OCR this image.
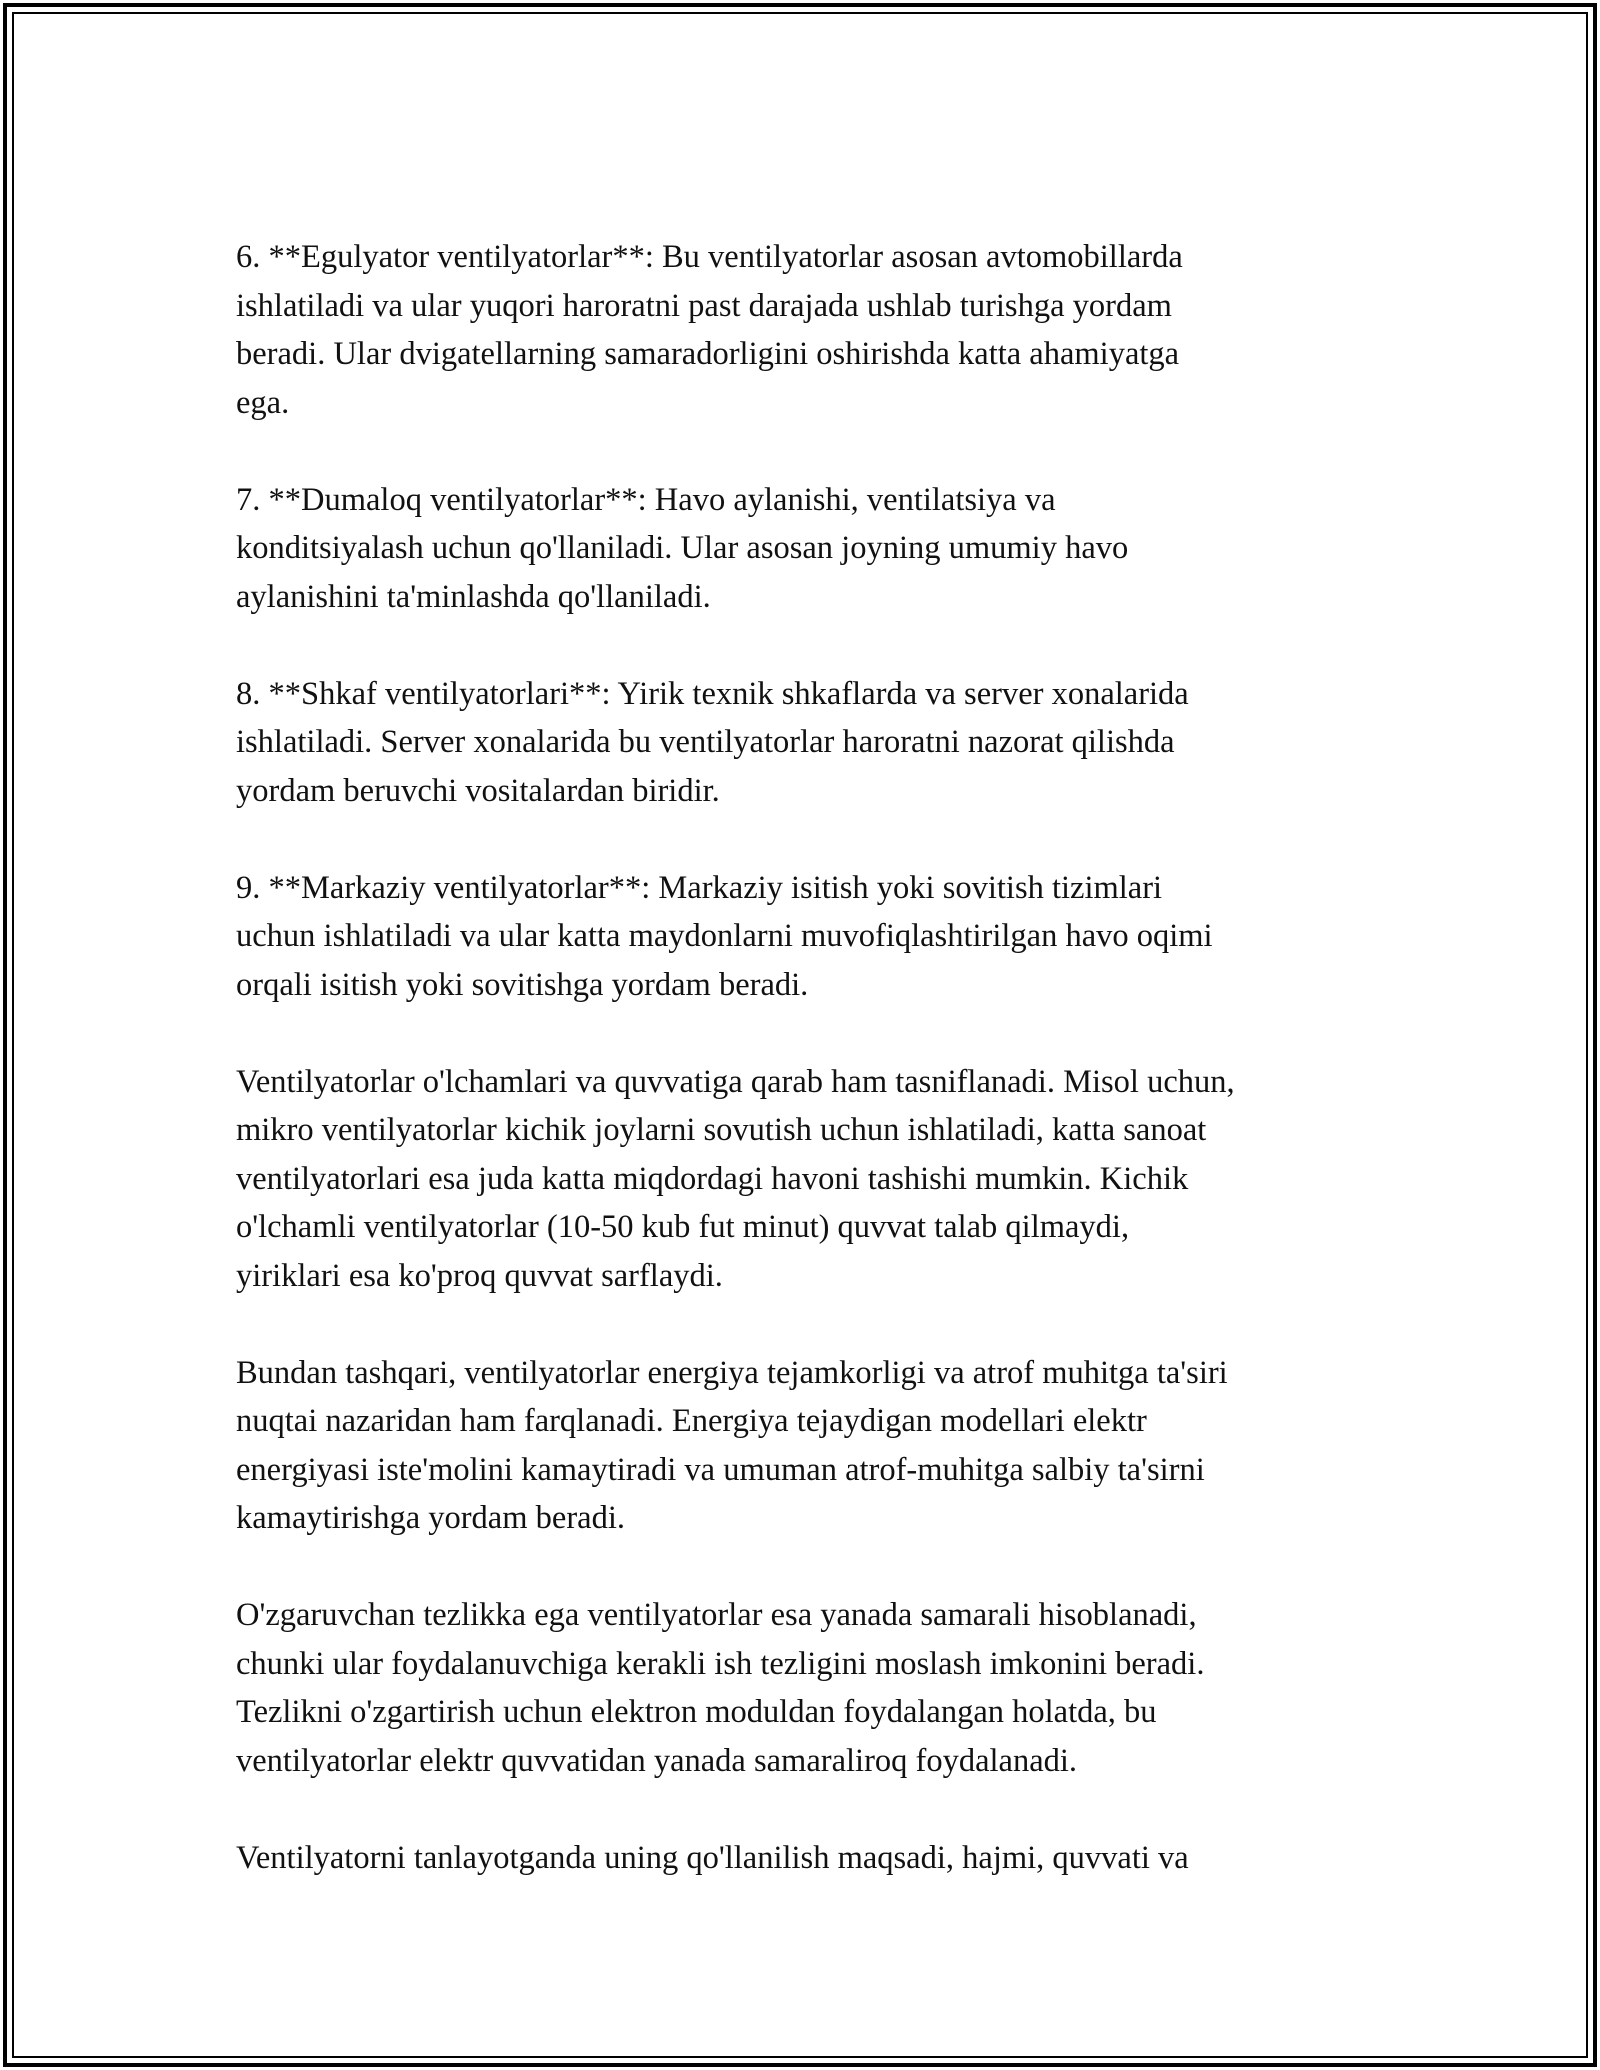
6. **Egulyator ventilyatorlar**: Bu ventilyatorlar asosan avtomobillarda
ishlatiladi va ular yuqori haroratni past darajada ushlab turishga yordam
beradi. Ular dvigatellarning samaradorligini oshirishda katta ahamiyatga
ega.
7. **Dumaloq ventilyatorlar**: Havo aylanishi, ventilatsiya va
konditsiyalash uchun qo'llaniladi. Ular asosan joyning umumiy havo
aylanishini ta'minlashda qo'llaniladi.
8. **Shkaf ventilyatorlari**: Yirik texnik shkaflarda va server xonalarida
ishlatiladi. Server xonalarida bu ventilyatorlar haroratni nazorat qilishda
yordam beruvchi vositalardan biridir.
9. **Markaziy ventilyatorlar**: Markaziy isitish yoki sovitish tizimlari
uchun ishlatiladi va ular katta maydonlarni muvofiqlashtirilgan havo oqimi
orqali isitish yoki sovitishga yordam beradi.
Ventilyatorlar o'lchamlari va quvvatiga qarab ham tasniflanadi. Misol uchun,
mikro ventilyatorlar kichik joylarni sovutish uchun ishlatiladi, katta sanoat
ventilyatorlari esa juda katta miqdordagi havoni tashishi mumkin. Kichik
o'lchamli ventilyatorlar (10-50 kub fut minut) quvvat talab qilmaydi,
yiriklari esa ko'proq quvvat sarflaydi.
Bundan tashqari, ventilyatorlar energiya tejamkorligi va atrof muhitga ta'siri
nuqtai nazaridan ham farqlanadi. Energiya tejaydigan modellari elektr
energiyasi iste'molini kamaytiradi va umuman atrof-muhitga salbiy ta'sirni
kamaytirishga yordam beradi.
O'zgaruvchan tezlikka ega ventilyatorlar esa yanada samarali hisoblanadi,
chunki ular foydalanuvchiga kerakli ish tezligini moslash imkonini beradi.
Tezlikni o'zgartirish uchun elektron moduldan foydalangan holatda, bu
ventilyatorlar elektr quvvatidan yanada samaraliroq foydalanadi.
Ventilyatorni tanlayotganda uning qo'llanilish maqsadi, hajmi, quvvati va
